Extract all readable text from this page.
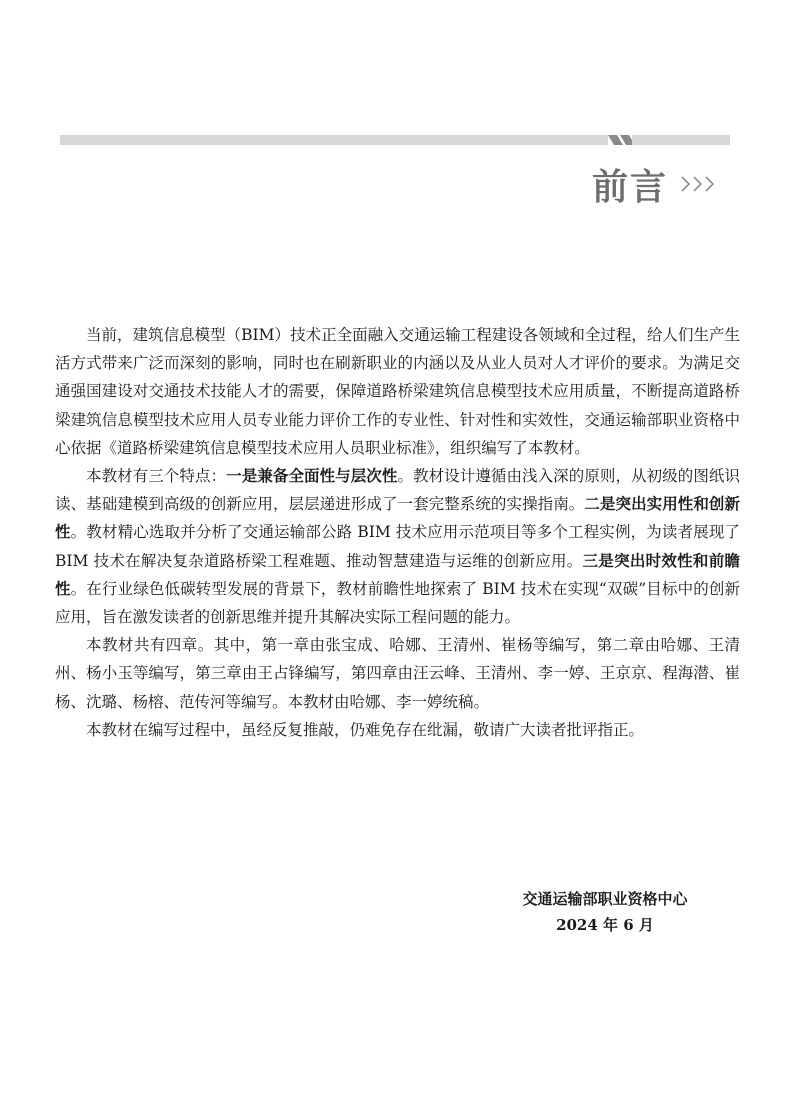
前言

当前，建筑信息模型（BIM）技术正全面融入交通运输工程建设各领域和全过程，给人们生产生活方式带来广泛而深刻的影响，同时也在刷新职业的内涵以及从业人员对人才评价的要求。为满足交通强国建设对交通技术技能人才的需要，保障道路桥梁建筑信息模型技术应用质量，不断提高道路桥梁建筑信息模型技术应用人员专业能力评价工作的专业性、针对性和实效性，交通运输部职业资格中心依据《道路桥梁建筑信息模型技术应用人员职业标准》，组织编写了本教材。

本教材有三个特点：一是兼备全面性与层次性。教材设计遵循由浅入深的原则，从初级的图纸识读、基础建模到高级的创新应用，层层递进形成了一套完整系统的实操指南。二是突出实用性和创新性。教材精心选取并分析了交通运输部公路 BIM 技术应用示范项目等多个工程实例，为读者展现了 BIM 技术在解决复杂道路桥梁工程难题、推动智慧建造与运维的创新应用。三是突出时效性和前瞻性。在行业绿色低碳转型发展的背景下，教材前瞻性地探索了 BIM 技术在实现“双碳”目标中的创新应用，旨在激发读者的创新思维并提升其解决实际工程问题的能力。

本教材共有四章。其中，第一章由张宝成、哈娜、王清州、崔杨等编写，第二章由哈娜、王清州、杨小玉等编写，第三章由王占锋编写，第四章由汪云峰、王清州、李一婷、王京京、程海潜、崔杨、沈璐、杨榕、范传河等编写。本教材由哈娜、李一婷统稿。

本教材在编写过程中，虽经反复推敲，仍难免存在纰漏，敬请广大读者批评指正。

交通运输部职业资格中心
2024 年 6 月
